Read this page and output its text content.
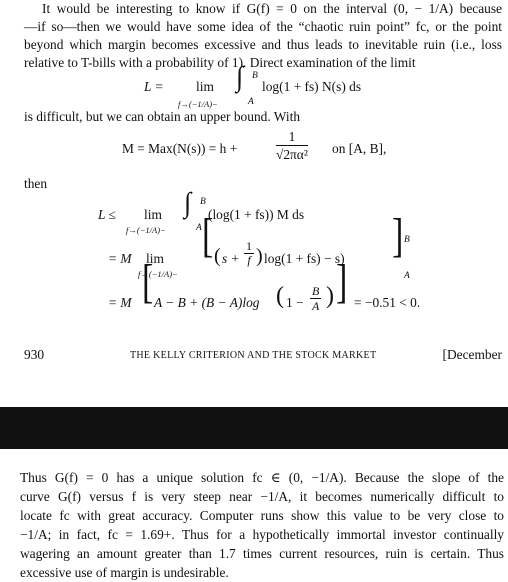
It would be interesting to know if G(f) = 0 on the interval (0, − 1/A) because
—if so—then we would have some idea of the “chaotic ruin point” fc, or the point
beyond which margin becomes excessive and thus leads to inevitable ruin (i.e., loss
relative to T-bills with a probability of 1). Direct examination of the limit
L = lim
f→(−1/A)−
∫ B
A
log(1 + fs) N(s) ds
is difficult, but we can obtain an upper bound. With
M = Max(N(s)) = h +	$\frac{1}{\text{√2πα²}}$ on [A, B],
then
L ≤ lim
f→(−1/A)−
∫ B
A
(log(1 + fs)) M ds
= M lim
f→(−1/A)−
[ ( $s + \frac{1}{f}$ ) log(1 + fs) − s) ] B
A
= M [ A − B + (B − A)log ( $1 - \frac{B}{A}$ ) ] = −0.51 < 0.
930	THE KELLY CRITERION AND THE STOCK MARKET	[December
Thus G(f) = 0 has a unique solution fc ∈ (0, −1/A). Because the slope of the
curve G(f) versus f is very steep near −1/A, it becomes numerically difficult to
locate fc with great accuracy. Computer runs show this value to be very close to
−1/A; in fact, fc = 1.69+. Thus for a hypothetically immortal investor continually
wagering an amount greater than 1.7 times current resources, ruin is certain. Thus
excessive use of margin is undesirable.
